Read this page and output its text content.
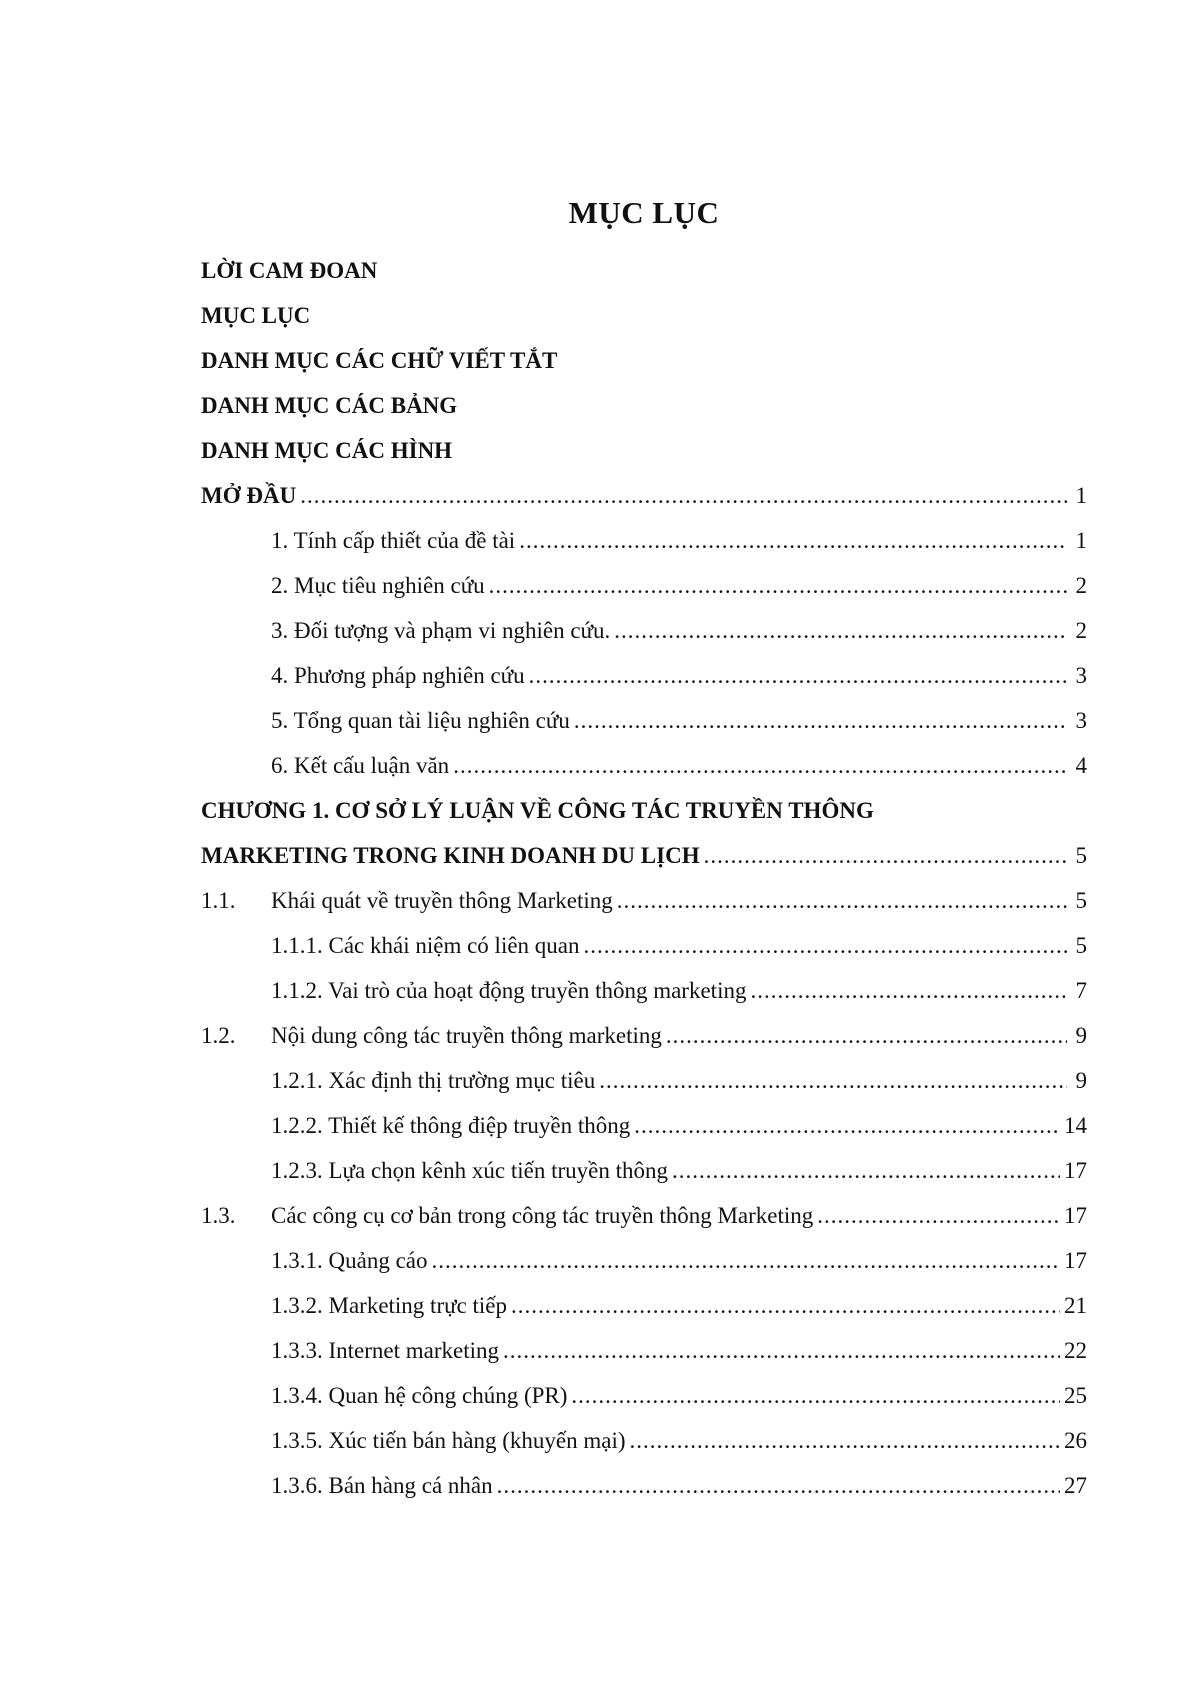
MỤC LỤC
LỜI CAM ĐOAN
MỤC LỤC
DANH MỤC CÁC CHỮ VIẾT TẮT
DANH MỤC CÁC BẢNG
DANH MỤC CÁC HÌNH
MỞ ĐẦU .....	1
1. Tính cấp thiết của đề tài .....	1
2. Mục tiêu nghiên cứu .....	2
3. Đối tượng và phạm vi nghiên cứu. .....	2
4. Phương pháp nghiên cứu .....	3
5. Tổng quan tài liệu nghiên cứu .....	3
6. Kết cấu luận văn .....	4
CHƯƠNG 1. CƠ SỞ LÝ LUẬN VỀ CÔNG TÁC TRUYỀN THÔNG
MARKETING TRONG KINH DOANH DU LỊCH .....	5
1.1.	Khái quát về truyền thông Marketing .....	5
1.1.1. Các khái niệm có liên quan .....	5
1.1.2. Vai trò của hoạt động truyền thông marketing .....	7
1.2.	Nội dung công tác truyền thông marketing .....	9
1.2.1. Xác định thị trường mục tiêu .....	9
1.2.2. Thiết kế thông điệp truyền thông .....	14
1.2.3. Lựa chọn kênh xúc tiến truyền thông .....	17
1.3.	Các công cụ cơ bản trong công tác truyền thông Marketing .....	17
1.3.1. Quảng cáo .....	17
1.3.2. Marketing trực tiếp .....	21
1.3.3. Internet marketing .....	22
1.3.4. Quan hệ công chúng (PR) .....	25
1.3.5. Xúc tiến bán hàng (khuyến mại) .....	26
1.3.6. Bán hàng cá nhân .....	27
